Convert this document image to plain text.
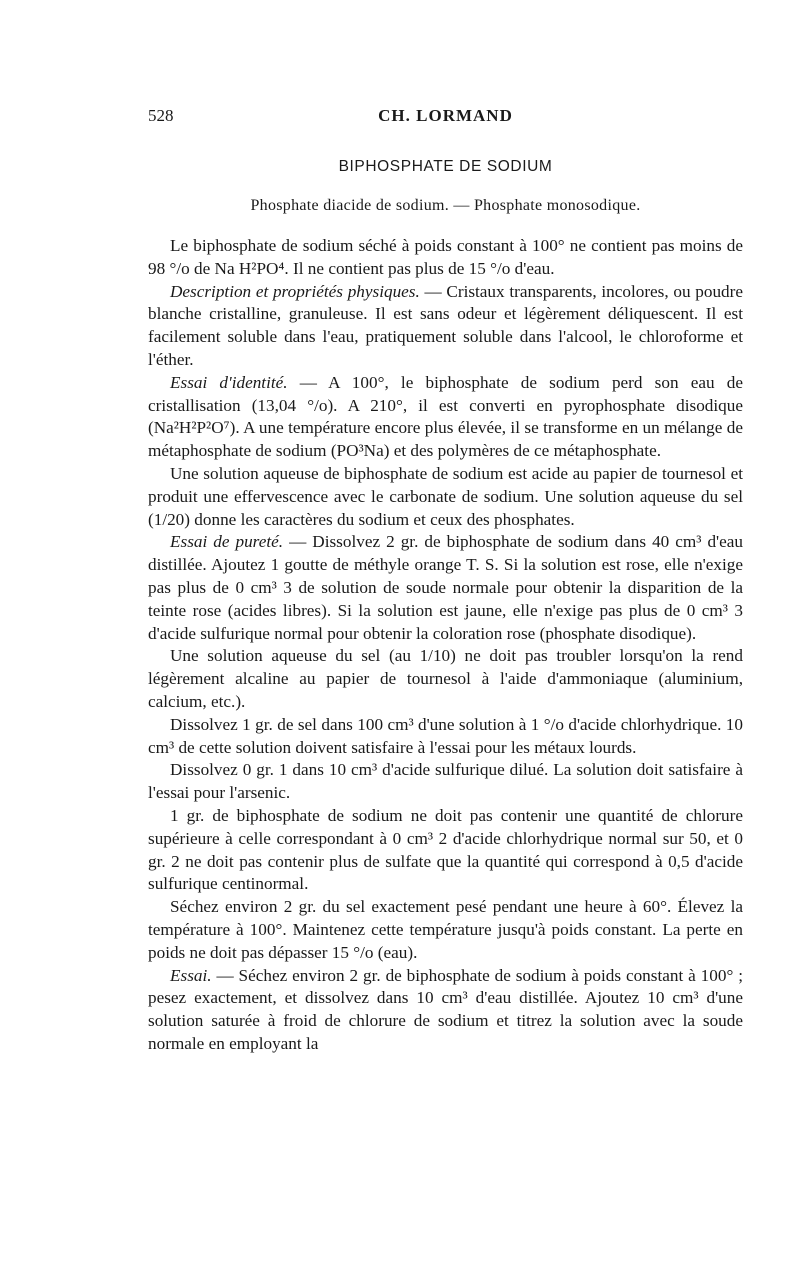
528	CH. LORMAND
BIPHOSPHATE DE SODIUM
Phosphate diacide de sodium. — Phosphate monosodique.

Le biphosphate de sodium séché à poids constant à 100° ne contient pas moins de 98 °/o de Na H²PO⁴. Il ne contient pas plus de 15 °/o d'eau.

Description et propriétés physiques. — Cristaux transparents, incolores, ou poudre blanche cristalline, granuleuse. Il est sans odeur et légèrement déliquescent. Il est facilement soluble dans l'eau, pratiquement soluble dans l'alcool, le chloroforme et l'éther.

Essai d'identité. — A 100°, le biphosphate de sodium perd son eau de cristallisation (13,04 °/o). A 210°, il est converti en pyrophosphate disodique (Na²H²P²O⁷). A une température encore plus élevée, il se transforme en un mélange de métaphosphate de sodium (PO³Na) et des polymères de ce métaphosphate.

Une solution aqueuse de biphosphate de sodium est acide au papier de tournesol et produit une effervescence avec le carbonate de sodium. Une solution aqueuse du sel (1/20) donne les caractères du sodium et ceux des phosphates.

Essai de pureté. — Dissolvez 2 gr. de biphosphate de sodium dans 40 cm³ d'eau distillée. Ajoutez 1 goutte de méthyle orange T. S. Si la solution est rose, elle n'exige pas plus de 0 cm³ 3 de solution de soude normale pour obtenir la disparition de la teinte rose (acides libres). Si la solution est jaune, elle n'exige pas plus de 0 cm³ 3 d'acide sulfurique normal pour obtenir la coloration rose (phosphate disodique).

Une solution aqueuse du sel (au 1/10) ne doit pas troubler lorsqu'on la rend légèrement alcaline au papier de tournesol à l'aide d'ammoniaque (aluminium, calcium, etc.).

Dissolvez 1 gr. de sel dans 100 cm³ d'une solution à 1 °/o d'acide chlorhydrique. 10 cm³ de cette solution doivent satisfaire à l'essai pour les métaux lourds.

Dissolvez 0 gr. 1 dans 10 cm³ d'acide sulfurique dilué. La solution doit satisfaire à l'essai pour l'arsenic.

1 gr. de biphosphate de sodium ne doit pas contenir une quantité de chlorure supérieure à celle correspondant à 0 cm³ 2 d'acide chlorhydrique normal sur 50, et 0 gr. 2 ne doit pas contenir plus de sulfate que la quantité qui correspond à 0,5 d'acide sulfurique centinormal.

Séchez environ 2 gr. du sel exactement pesé pendant une heure à 60°. Élevez la température à 100°. Maintenez cette température jusqu'à poids constant. La perte en poids ne doit pas dépasser 15 °/o (eau).

Essai. — Séchez environ 2 gr. de biphosphate de sodium à poids constant à 100° ; pesez exactement, et dissolvez dans 10 cm³ d'eau distillée. Ajoutez 10 cm³ d'une solution saturée à froid de chlorure de sodium et titrez la solution avec la soude normale en employant la
